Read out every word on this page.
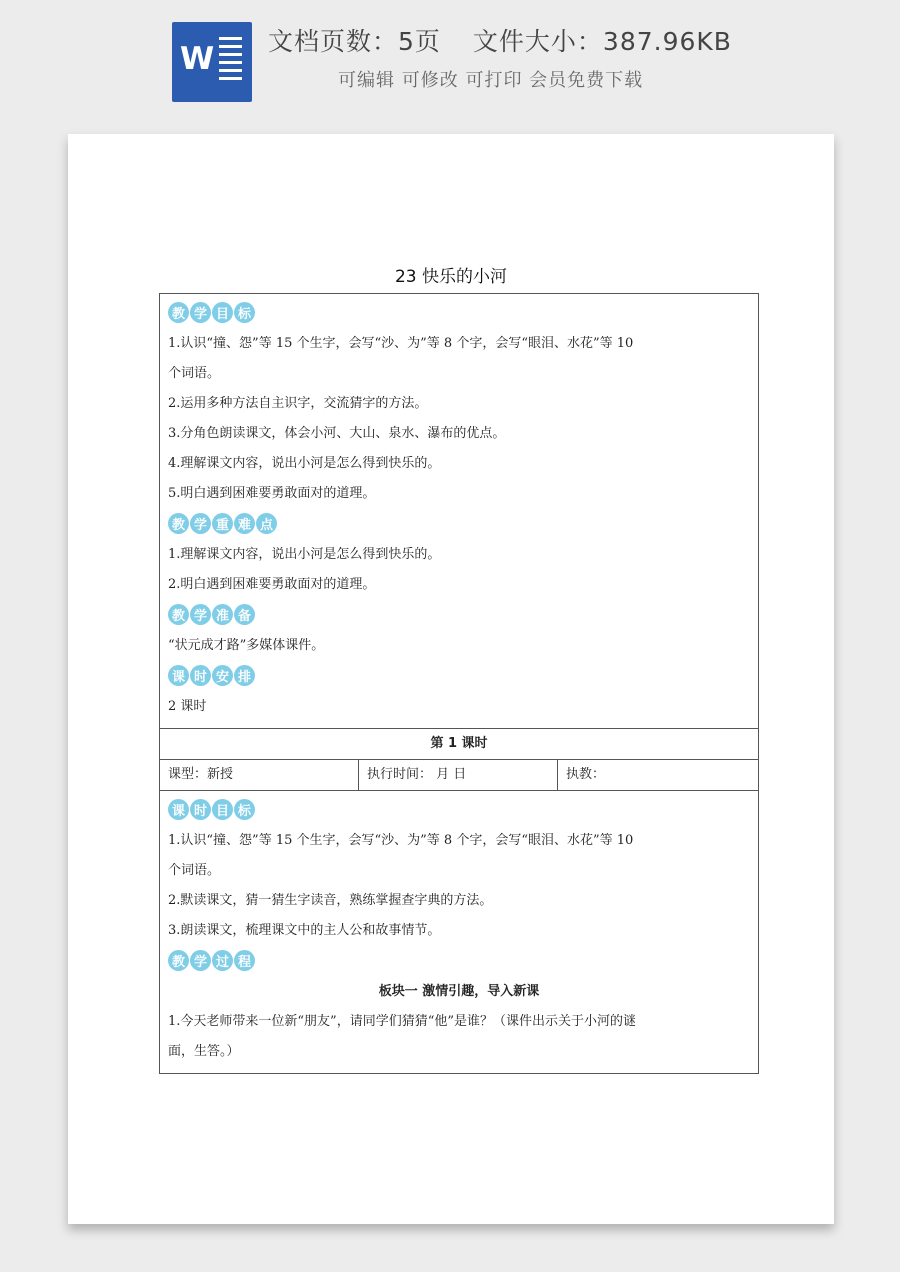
W 文档页数：5页 文件大小：387.96KB
可编辑 可修改 可打印 会员免费下载
23 快乐的小河
教 学 目 标
1.认识“撞、怨”等 15 个生字，会写“沙、为”等 8 个字，会写“眼泪、水花”等 10
个词语。
2.运用多种方法自主识字，交流猜字的方法。
3.分角色朗读课文，体会小河、大山、泉水、瀑布的优点。
4.理解课文内容，说出小河是怎么得到快乐的。
5.明白遇到困难要勇敢面对的道理。
教 学 重 难 点
1.理解课文内容，说出小河是怎么得到快乐的。
2.明白遇到困难要勇敢面对的道理。
教 学 准 备
“状元成才路”多媒体课件。
课 时 安 排
2 课时
第 1 课时
课型：新授	执行时间： 月 日	执教：
课 时 目 标
1.认识“撞、怨”等 15 个生字，会写“沙、为”等 8 个字，会写“眼泪、水花”等 10
个词语。
2.默读课文，猜一猜生字读音，熟练掌握查字典的方法。
3.朗读课文，梳理课文中的主人公和故事情节。
教 学 过 程
板块一 激情引趣，导入新课
1.今天老师带来一位新“朋友”，请同学们猜猜“他”是谁？（课件出示关于小河的谜
面，生答。）
